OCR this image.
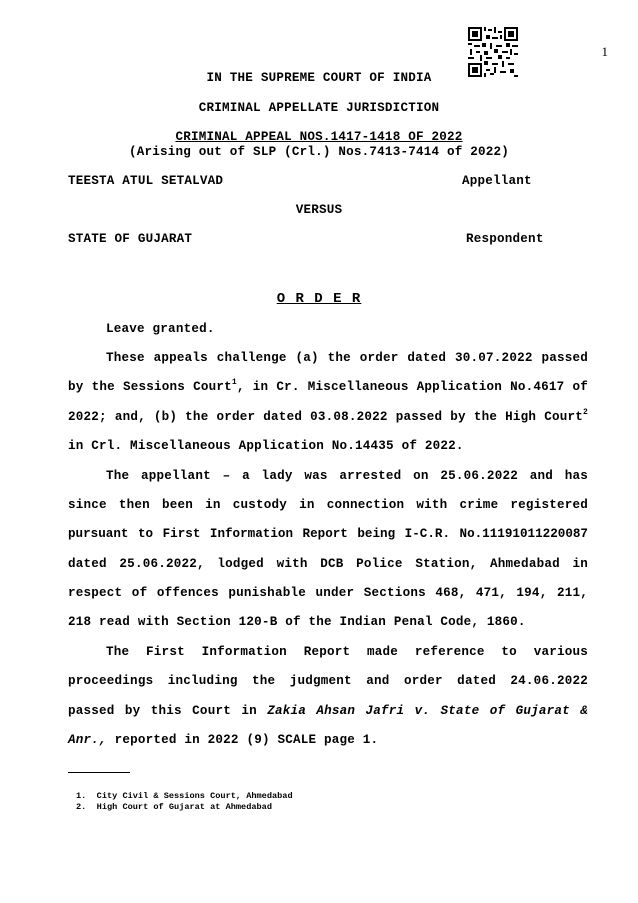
1
IN THE SUPREME COURT OF INDIA
CRIMINAL APPELLATE JURISDICTION
CRIMINAL APPEAL NOS.1417-1418 OF 2022
(Arising out of SLP (Crl.) Nos.7413-7414 of 2022)
TEESTA ATUL SETALVAD	Appellant
VERSUS
STATE OF GUJARAT	Respondent
O R D E R
Leave granted.
These appeals challenge (a) the order dated 30.07.2022 passed
by the Sessions Court$^1$, in Cr. Miscellaneous Application No.4617 of
2022; and, (b) the order dated 03.08.2022 passed by the High Court$^2$
in Crl. Miscellaneous Application No.14435 of 2022.
The appellant – a lady was arrested on 25.06.2022 and has
since then been in custody in connection with crime registered
pursuant to First Information Report being I-C.R. No.11191011220087
dated 25.06.2022, lodged with DCB Police Station, Ahmedabad in
respect of offences punishable under Sections 468, 471, 194, 211,
218 read with Section 120-B of the Indian Penal Code, 1860.
The First Information Report made reference to various
proceedings including the judgment and order dated 24.06.2022
passed by this Court in Zakia Ahsan Jafri v. State of Gujarat &
Anr., reported in 2022 (9) SCALE page 1.
1. City Civil & Sessions Court, Ahmedabad
2. High Court of Gujarat at Ahmedabad
